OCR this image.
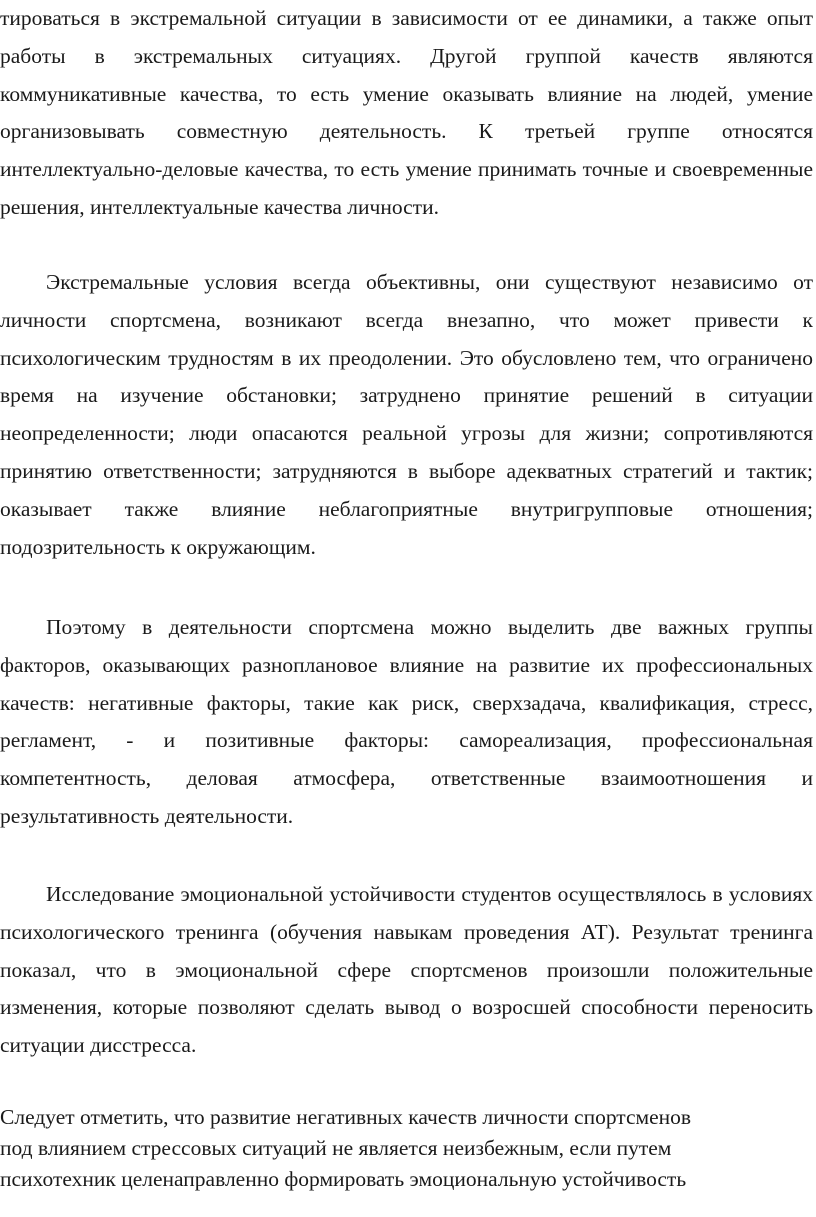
тироваться в экстремальной ситуации в зависимости от ее динамики, а также опыт работы в экстремальных ситуациях. Другой группой качеств являются коммуникативные качества, то есть умение оказывать влияние на людей, умение организовывать совместную деятельность. К третьей группе относятся интеллектуально-деловые качества, то есть умение принимать точные и своевременные решения, интеллектуальные качества личности.

Экстремальные условия всегда объективны, они существуют независимо от личности спортсмена, возникают всегда внезапно, что может привести к психологическим трудностям в их преодолении. Это обусловлено тем, что ограничено время на изучение обстановки; затруднено принятие решений в ситуации неопределенности; люди опасаются реальной угрозы для жизни; сопротивляются принятию ответственности; затрудняются в выборе адекватных стратегий и тактик; оказывает также влияние неблагоприятные внутригрупповые отношения; подозрительность к окружающим.

Поэтому в деятельности спортсмена можно выделить две важных группы факторов, оказывающих разноплановое влияние на развитие их профессиональных качеств: негативные факторы, такие как риск, сверхзадача, квалификация, стресс, регламент, - и позитивные факторы: самореализация, профессиональная компетентность, деловая атмосфера, ответственные взаимоотношения и результативность деятельности.

Исследование эмоциональной устойчивости студентов осуществлялось в условиях психологического тренинга (обучения навыкам проведения АТ). Результат тренинга показал, что в эмоциональной сфере спортсменов произошли положительные изменения, которые позволяют сделать вывод о возросшей способности переносить ситуации дисстресса.

Следует отметить, что развитие негативных качеств личности спортсменов
под влиянием стрессовых ситуаций не является неизбежным, если путем
психотехник целенаправленно формировать эмоциональную устойчивость
